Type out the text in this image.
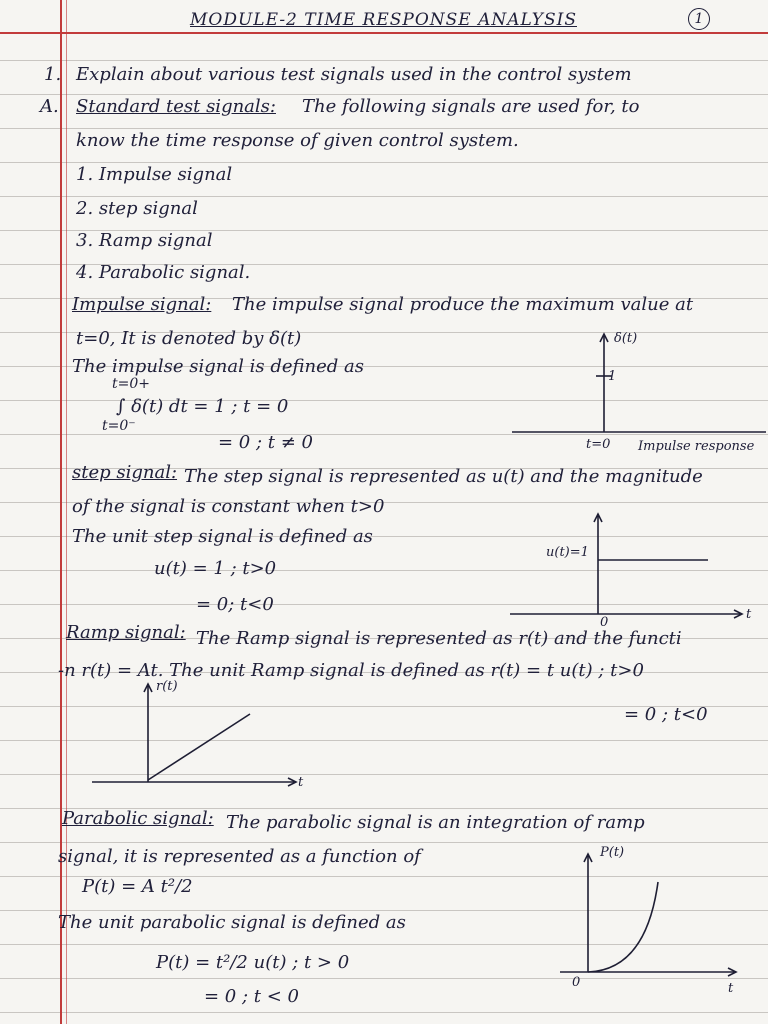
MODULE-2 TIME RESPONSE ANALYSIS	1
1. Explain about various test signals used in the control system
A. Standard test signals: The following signals are used for, to
know the time response of given control system.
1. Impulse signal
2. step signal
3. Ramp signal
4. Parabolic signal.
Impulse signal: The impulse signal produce the maximum value at
t=0, It is denoted by δ(t)
The impulse signal is defined as
t=0+
∫ δ(t) dt = 1 ; t = 0
t=0⁻
= 0 ; t ≠ 0
δ(t)
1
t=0 Impulse response
step signal: The step signal is represented as u(t) and the magnitude
of the signal is constant when t>0
The unit step signal is defined as
u(t) = 1 ; t>0
= 0; t<0
u(t)=1
0
t
Ramp signal: The Ramp signal is represented as r(t) and the functi
-n r(t) = At. The unit Ramp signal is defined as r(t) = t u(t) ; t>0
= 0 ; t<0
r(t)
t
Parabolic signal: The parabolic signal is an integration of ramp
signal, it is represented as a function of
P(t) = A t²/2
The unit parabolic signal is defined as
P(t) = t²/2 u(t) ; t > 0
= 0 ; t < 0
P(t)
0	t
